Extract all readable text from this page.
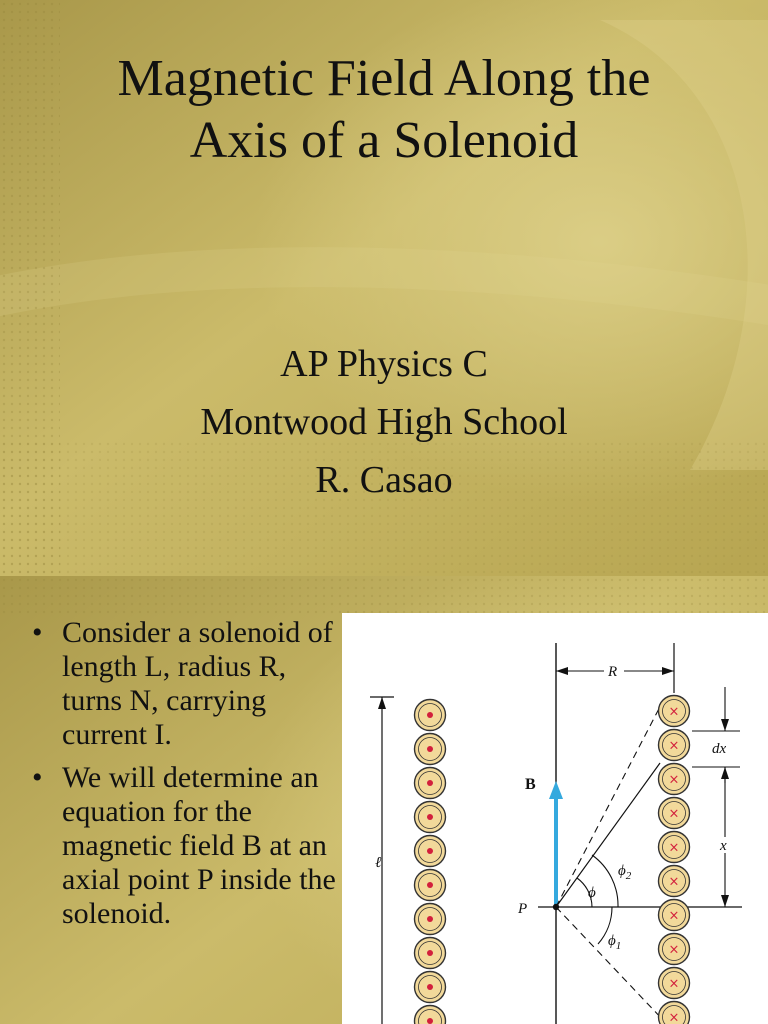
Magnetic Field Along the
Axis of a Solenoid
AP Physics C
Montwood High School
R. Casao
• Consider a solenoid of length L, radius R, turns N, carrying current I.
• We will determine an equation for the magnetic field B at an axial point P inside the solenoid.
ℓ
R
dx
x
B
P
ϕ
$\phi_2$
$\phi_1$
×
×
×
×
×
×
×
×
×
×
